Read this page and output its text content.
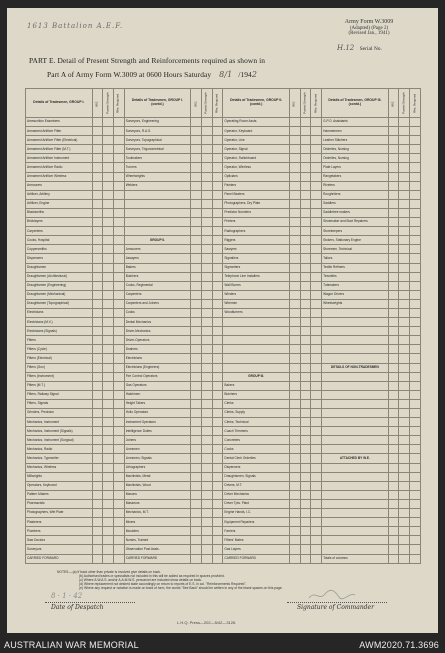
1613 Battalion A.E.F.	Army Form W.3009
(Adapted) (Page 2)
(Revised Jan., 1941)
H.12 Serial No.
PART E. Detail of Present Strength and Reinforcements required as shown in
Part A of Army Form W.3009 at 0600 Hours Saturday 8/1 /1942
Details of Tradesmen, GROUP I.	W.E.	Posted Strength	Rfts. Required	Details of Tradesmen, GROUP I. (contd.)	W.E.	Posted Strength	Rfts. Required	Details of Tradesmen, GROUP II. (contd.)	W.E.	Posted Strength	Rfts. Required	Details of Tradesmen, GROUP III. (contd.)	W.E.	Posted Strength	Rfts. Required
Ammunition Examiners				Surveyors, Engineering				Operating Room Assts.				G.P.O. Assistants			
Armament Artificer Fitter				Surveyors, R.A.S.				Operator, Keyboard				Hammermen			
Armament Artificer Fitter (Electrical)				Surveyors, Topographical				Operator, Line				Leather Stitchers			
Armament Artificer Fitter (M.T.)				Surveyors, Trigonometrical				Operator, Signal				Orderlies, Nursing			
Armament Artificer Instrument				Toolmakers				Operator, Switchboard				Orderlies, Nursing			
Armament Artificer Radio				Turners				Operator, Wireless				Plate Layers			
Armament Artificer Wireless				Wheelwrights				Opticians				Rangetakers			
Armourers				Welders				Painters				Riveters			
Artificer, Artillery								Panel Beaters				Roughriders			
Artificer, Engine								Photographers, Dry Plate				Saddlers			
Blacksmiths								Predictor Numbers				Saddletree makers			
Bricklayers								Printers				Shoemaker and Boot Repairers			
Carpenters								Radiographers				Storekeepers			
Cooks, Hospital				GROUP II.				Riggers				Stokers, Stationary Engine			
Coppersmiths				Armourers				Sawyers				Storemen, Technical			
Dispensers				Assayers				Signallers				Tailors			
Draughtsmen				Bakers				Signwriters				Textile Refiners			
Draughtsmen (Architectural)				Butchers				Telephone Line Installers				Tinsmiths			
Draughtsmen (Engineering)				Cooks, Regimental				Wall Borers				Tubmakers			
Draughtsmen (Mechanical)				Carpenters				Winders				Wagon Drivers			
Draughtsmen (Topographical)				Carpenters and Joiners				Wiremen				Wheelwrights			
Electricians				Cooks				Woodturners							
Electricians (M.V.)				Dental Mechanics											
Electricians (Signals)				Driver-Mechanics											
Fitters				Driver-Operators											
Fitters (Cycle)				Drainers											
Fitters (Electrical)				Electricians											
Fitters (Gun)				Electricians (Engineers)								DETAILS OF NON-TRADESMEN			
Fitters (Instrument)				Fire Control Operators				GROUP III.							
Fitters (M.T.)				Gas Operators				Bakers							
Fitters, Railway Signal				Hatchmen				Butchers							
Fitters, Signals				Height Takers				Clerks							
Grinders, Precision				Hollo Operators				Clerks, Supply							
Mechanics, Instrument				Instrument Operators				Clerks, Technical							
Mechanics, Instrument (Signals)				Intelligence Duties				Coach Trimmers							
Mechanics, Instrument (Surgical)				Joiners				Concreters							
Mechanics, Radio				Linesmen				Cooks							
Mechanics, Typewriter				Linesmen, Signals				Dental Clerk Orderlies				ATTACHED BY W.E.			
Mechanics, Wireless				Lithographers				Dispensers							
Millwrights				Machinists, Metal				Draughtsmen, Signals							
Operators, Keyboard				Machinists, Wood				Drivers, M.T.							
Pattern Makers				Masons				Driver Mechanics							
Pharmacists				Masseurs				Driver Tpts. Plant							
Photographers, Wet Plate				Mechanics, M.T.				Engine Hands, I.C.							
Plasterers				Miners				Equipment Repairers							
Plumbers				Moulders				Farriers							
Saw Doctors				Nurses, Trained				Fitters' Mates							
Surveyors				Observation Post Assts.				Gas Layers							
CARRIED FORWARD				CARRIED FORWARD				CARRIED FORWARD				Totals of columns			
NOTES.—(a) If back other than private is involved give details on back.
(b) Authorised trades or specialists not included in this will be added as required in spaces provided.
(c) Where A.W.A.S. and/or A.A.M.W.S. personnel are included show details on back.
(d) Where replacement not desired state accordingly on return to reports of E.S. in col. "Reinforcements Required".
(e) Where any request or notation is made on back of form, the words "See Back" should be written in any of the blank spaces on this page.
8 · 1 · 42
Date of Despatch	Signature of Commander
L.H.Q. Press—202—5/42—3126.
AUSTRALIAN WAR MEMORIAL	AWM2020.71.3696
